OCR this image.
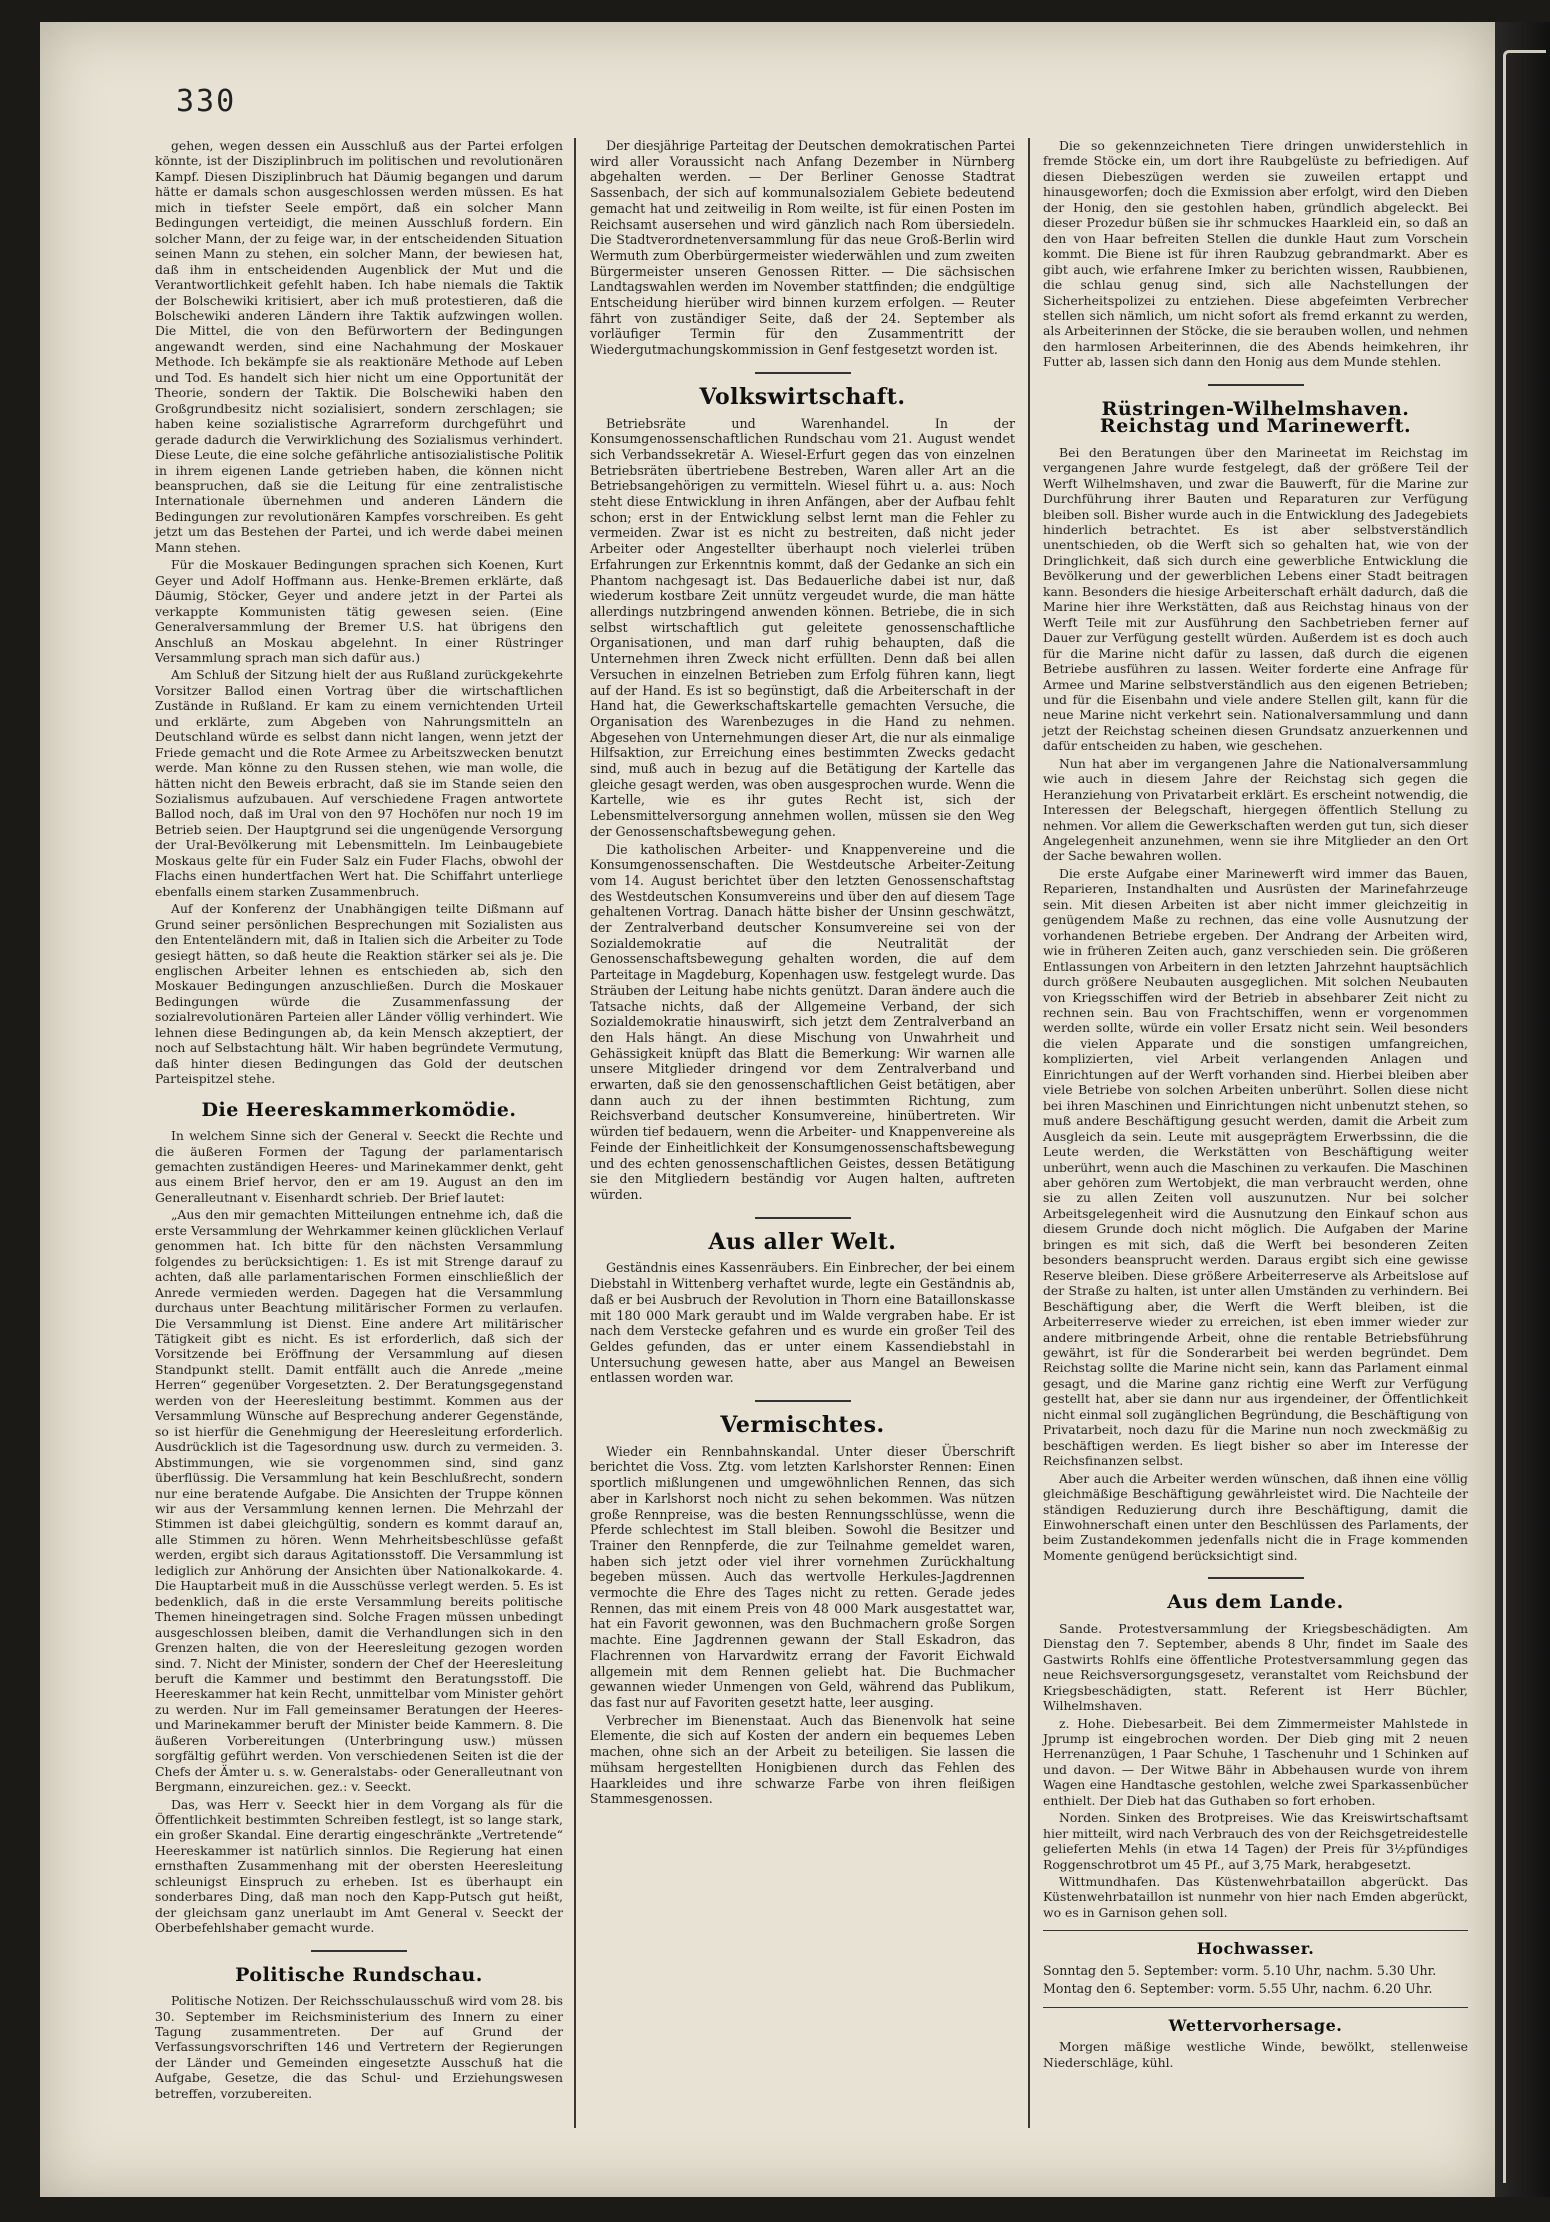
330

gehen, wegen dessen ein Ausschluß aus der Partei erfolgen könnte, ist der Disziplinbruch im politischen und revolutionären Kampf. Diesen Disziplinbruch hat Däumig begangen und darum hätte er damals schon ausgeschlossen werden müssen. Es hat mich in tiefster Seele empört, daß ein solcher Mann Bedingungen verteidigt, die meinen Ausschluß fordern. Ein solcher Mann, der zu feige war, in der entscheidenden Situation seinen Mann zu stehen, ein solcher Mann, der bewiesen hat, daß ihm in entscheidenden Augenblick der Mut und die Verantwortlichkeit gefehlt haben. Ich habe niemals die Taktik der Bolschewiki kritisiert, aber ich muß protestieren, daß die Bolschewiki anderen Ländern ihre Taktik aufzwingen wollen. Die Mittel, die von den Befürwortern der Bedingungen angewandt werden, sind eine Nachahmung der Moskauer Methode. Ich bekämpfe sie als reaktionäre Methode auf Leben und Tod. Es handelt sich hier nicht um eine Opportunität der Theorie, sondern der Taktik. Die Bolschewiki haben den Großgrundbesitz nicht sozialisiert, sondern zerschlagen; sie haben keine sozialistische Agrarreform durchgeführt und gerade dadurch die Verwirklichung des Sozialismus verhindert. Diese Leute, die eine solche gefährliche antisozialistische Politik in ihrem eigenen Lande getrieben haben, die können nicht beanspruchen, daß sie die Leitung für eine zentralistische Internationale übernehmen und anderen Ländern die Bedingungen zur revolutionären Kampfes vorschreiben. Es geht jetzt um das Bestehen der Partei, und ich werde dabei meinen Mann stehen.

Für die Moskauer Bedingungen sprachen sich Koenen, Kurt Geyer und Adolf Hoffmann aus. Henke-Bremen erklärte, daß Däumig, Stöcker, Geyer und andere jetzt in der Partei als verkappte Kommunisten tätig gewesen seien. (Eine Generalversammlung der Bremer U.S. hat übrigens den Anschluß an Moskau abgelehnt. In einer Rüstringer Versammlung sprach man sich dafür aus.)

Am Schluß der Sitzung hielt der aus Rußland zurückgekehrte Vorsitzer Ballod einen Vortrag über die wirtschaftlichen Zustände in Rußland. Er kam zu einem vernichtenden Urteil und erklärte, zum Abgeben von Nahrungsmitteln an Deutschland würde es selbst dann nicht langen, wenn jetzt der Friede gemacht und die Rote Armee zu Arbeitszwecken benutzt werde. Man könne zu den Russen stehen, wie man wolle, die hätten nicht den Beweis erbracht, daß sie im Stande seien den Sozialismus aufzubauen. Auf verschiedene Fragen antwortete Ballod noch, daß im Ural von den 97 Hochöfen nur noch 19 im Betrieb seien. Der Hauptgrund sei die ungenügende Versorgung der Ural-Bevölkerung mit Lebensmitteln. Im Leinbaugebiete Moskaus gelte für ein Fuder Salz ein Fuder Flachs, obwohl der Flachs einen hundertfachen Wert hat. Die Schiffahrt unterliege ebenfalls einem starken Zusammenbruch.

Auf der Konferenz der Unabhängigen teilte Dißmann auf Grund seiner persönlichen Besprechungen mit Sozialisten aus den Ententeländern mit, daß in Italien sich die Arbeiter zu Tode gesiegt hätten, so daß heute die Reaktion stärker sei als je. Die englischen Arbeiter lehnen es entschieden ab, sich den Moskauer Bedingungen anzuschließen. Durch die Moskauer Bedingungen würde die Zusammenfassung der sozialrevolutionären Parteien aller Länder völlig verhindert. Wie lehnen diese Bedingungen ab, da kein Mensch akzeptiert, der noch auf Selbstachtung hält. Wir haben begründete Vermutung, daß hinter diesen Bedingungen das Gold der deutschen Parteispitzel stehe.

Die Heereskammerkomödie.

In welchem Sinne sich der General v. Seeckt die Rechte und die äußeren Formen der Tagung der parlamentarisch gemachten zuständigen Heeres- und Marinekammer denkt, geht aus einem Brief hervor, den er am 19. August an den im Generalleutnant v. Eisenhardt schrieb. Der Brief lautet:

„Aus den mir gemachten Mitteilungen entnehme ich, daß die erste Versammlung der Wehrkammer keinen glücklichen Verlauf genommen hat. Ich bitte für den nächsten Versammlung folgendes zu berücksichtigen: 1. Es ist mit Strenge darauf zu achten, daß alle parlamentarischen Formen einschließlich der Anrede vermieden werden. Dagegen hat die Versammlung durchaus unter Beachtung militärischer Formen zu verlaufen. Die Versammlung ist Dienst. Eine andere Art militärischer Tätigkeit gibt es nicht. Es ist erforderlich, daß sich der Vorsitzende bei Eröffnung der Versammlung auf diesen Standpunkt stellt. Damit entfällt auch die Anrede „meine Herren“ gegenüber Vorgesetzten. 2. Der Beratungsgegenstand werden von der Heeresleitung bestimmt. Kommen aus der Versammlung Wünsche auf Besprechung anderer Gegenstände, so ist hierfür die Genehmigung der Heeresleitung erforderlich. Ausdrücklich ist die Tagesordnung usw. durch zu vermeiden. 3. Abstimmungen, wie sie vorgenommen sind, sind ganz überflüssig. Die Versammlung hat kein Beschlußrecht, sondern nur eine beratende Aufgabe. Die Ansichten der Truppe können wir aus der Versammlung kennen lernen. Die Mehrzahl der Stimmen ist dabei gleichgültig, sondern es kommt darauf an, alle Stimmen zu hören. Wenn Mehrheitsbeschlüsse gefaßt werden, ergibt sich daraus Agitationsstoff. Die Versammlung ist lediglich zur Anhörung der Ansichten über Nationalkokarde. 4. Die Hauptarbeit muß in die Ausschüsse verlegt werden. 5. Es ist bedenklich, daß in die erste Versammlung bereits politische Themen hineingetragen sind. Solche Fragen müssen unbedingt ausgeschlossen bleiben, damit die Verhandlungen sich in den Grenzen halten, die von der Heeresleitung gezogen worden sind. 7. Nicht der Minister, sondern der Chef der Heeresleitung beruft die Kammer und bestimmt den Beratungsstoff. Die Heereskammer hat kein Recht, unmittelbar vom Minister gehört zu werden. Nur im Fall gemeinsamer Beratungen der Heeres- und Marinekammer beruft der Minister beide Kammern. 8. Die äußeren Vorbereitungen (Unterbringung usw.) müssen sorgfältig geführt werden. Von verschiedenen Seiten ist die der Chefs der Ämter u. s. w. Generalstabs- oder Generalleutnant von Bergmann, einzureichen. gez.: v. Seeckt.

Das, was Herr v. Seeckt hier in dem Vorgang als für die Öffentlichkeit bestimmten Schreiben festlegt, ist so lange stark, ein großer Skandal. Eine derartig eingeschränkte „Vertretende“ Heereskammer ist natürlich sinnlos. Die Regierung hat einen ernsthaften Zusammenhang mit der obersten Heeresleitung schleunigst Einspruch zu erheben. Ist es überhaupt ein sonderbares Ding, daß man noch den Kapp-Putsch gut heißt, der gleichsam ganz unerlaubt im Amt General v. Seeckt der Oberbefehlshaber gemacht wurde.

Politische Rundschau.

Politische Notizen. Der Reichsschulausschuß wird vom 28. bis 30. September im Reichsministerium des Innern zu einer Tagung zusammentreten. Der auf Grund der Verfassungsvorschriften 146 und Vertretern der Regierungen der Länder und Gemeinden eingesetzte Ausschuß hat die Aufgabe, Gesetze, die das Schul- und Erziehungswesen betreffen, vorzubereiten.

Der diesjährige Parteitag der Deutschen demokratischen Partei wird aller Voraussicht nach Anfang Dezember in Nürnberg abgehalten werden. — Der Berliner Genosse Stadtrat Sassenbach, der sich auf kommunalsozialem Gebiete bedeutend gemacht hat und zeitweilig in Rom weilte, ist für einen Posten im Reichsamt ausersehen und wird gänzlich nach Rom übersiedeln. Die Stadtverordnetenversammlung für das neue Groß-Berlin wird Wermuth zum Oberbürgermeister wiederwählen und zum zweiten Bürgermeister unseren Genossen Ritter. — Die sächsischen Landtagswahlen werden im November stattfinden; die endgültige Entscheidung hierüber wird binnen kurzem erfolgen. — Reuter fährt von zuständiger Seite, daß der 24. September als vorläufiger Termin für den Zusammentritt der Wiedergutmachungskommission in Genf festgesetzt worden ist.

Volkswirtschaft.

Betriebsräte und Warenhandel. In der Konsumgenossenschaftlichen Rundschau vom 21. August wendet sich Verbandssekretär A. Wiesel-Erfurt gegen das von einzelnen Betriebsräten übertriebene Bestreben, Waren aller Art an die Betriebsangehörigen zu vermitteln. Wiesel führt u. a. aus: Noch steht diese Entwicklung in ihren Anfängen, aber der Aufbau fehlt schon; erst in der Entwicklung selbst lernt man die Fehler zu vermeiden. Zwar ist es nicht zu bestreiten, daß nicht jeder Arbeiter oder Angestellter überhaupt noch vielerlei trüben Erfahrungen zur Erkenntnis kommt, daß der Gedanke an sich ein Phantom nachgesagt ist. Das Bedauerliche dabei ist nur, daß wiederum kostbare Zeit unnütz vergeudet wurde, die man hätte allerdings nutzbringend anwenden können. Betriebe, die in sich selbst wirtschaftlich gut geleitete genossenschaftliche Organisationen, und man darf ruhig behaupten, daß die Unternehmen ihren Zweck nicht erfüllten. Denn daß bei allen Versuchen in einzelnen Betrieben zum Erfolg führen kann, liegt auf der Hand. Es ist so begünstigt, daß die Arbeiterschaft in der Hand hat, die Gewerkschaftskartelle gemachten Versuche, die Organisation des Warenbezuges in die Hand zu nehmen. Abgesehen von Unternehmungen dieser Art, die nur als einmalige Hilfsaktion, zur Erreichung eines bestimmten Zwecks gedacht sind, muß auch in bezug auf die Betätigung der Kartelle das gleiche gesagt werden, was oben ausgesprochen wurde. Wenn die Kartelle, wie es ihr gutes Recht ist, sich der Lebensmittelversorgung annehmen wollen, müssen sie den Weg der Genossenschaftsbewegung gehen.

Die katholischen Arbeiter- und Knappenvereine und die Konsumgenossenschaften. Die Westdeutsche Arbeiter-Zeitung vom 14. August berichtet über den letzten Genossenschaftstag des Westdeutschen Konsumvereins und über den auf diesem Tage gehaltenen Vortrag. Danach hätte bisher der Unsinn geschwätzt, der Zentralverband deutscher Konsumvereine sei von der Sozialdemokratie auf die Neutralität der Genossenschaftsbewegung gehalten worden, die auf dem Parteitage in Magdeburg, Kopenhagen usw. festgelegt wurde. Das Sträuben der Leitung habe nichts genützt. Daran ändere auch die Tatsache nichts, daß der Allgemeine Verband, der sich Sozialdemokratie hinauswirft, sich jetzt dem Zentralverband an den Hals hängt. An diese Mischung von Unwahrheit und Gehässigkeit knüpft das Blatt die Bemerkung: Wir warnen alle unsere Mitglieder dringend vor dem Zentralverband und erwarten, daß sie den genossenschaftlichen Geist betätigen, aber dann auch zu der ihnen bestimmten Richtung, zum Reichsverband deutscher Konsumvereine, hinübertreten. Wir würden tief bedauern, wenn die Arbeiter- und Knappenvereine als Feinde der Einheitlichkeit der Konsumgenossenschaftsbewegung und des echten genossenschaftlichen Geistes, dessen Betätigung sie den Mitgliedern beständig vor Augen halten, auftreten würden.

Aus aller Welt.

Geständnis eines Kassenräubers. Ein Einbrecher, der bei einem Diebstahl in Wittenberg verhaftet wurde, legte ein Geständnis ab, daß er bei Ausbruch der Revolution in Thorn eine Bataillonskasse mit 180 000 Mark geraubt und im Walde vergraben habe. Er ist nach dem Verstecke gefahren und es wurde ein großer Teil des Geldes gefunden, das er unter einem Kassendiebstahl in Untersuchung gewesen hatte, aber aus Mangel an Beweisen entlassen worden war.

Vermischtes.

Wieder ein Rennbahnskandal. Unter dieser Überschrift berichtet die Voss. Ztg. vom letzten Karlshorster Rennen: Einen sportlich mißlungenen und umgewöhnlichen Rennen, das sich aber in Karlshorst noch nicht zu sehen bekommen. Was nützen große Rennpreise, was die besten Rennungsschlüsse, wenn die Pferde schlechtest im Stall bleiben. Sowohl die Besitzer und Trainer den Rennpferde, die zur Teilnahme gemeldet waren, haben sich jetzt oder viel ihrer vornehmen Zurückhaltung begeben müssen. Auch das wertvolle Herkules-Jagdrennen vermochte die Ehre des Tages nicht zu retten. Gerade jedes Rennen, das mit einem Preis von 48 000 Mark ausgestattet war, hat ein Favorit gewonnen, was den Buchmachern große Sorgen machte. Eine Jagdrennen gewann der Stall Eskadron, das Flachrennen von Harvardwitz errang der Favorit Eichwald allgemein mit dem Rennen geliebt hat. Die Buchmacher gewannen wieder Unmengen von Geld, während das Publikum, das fast nur auf Favoriten gesetzt hatte, leer ausging.

Verbrecher im Bienenstaat. Auch das Bienenvolk hat seine Elemente, die sich auf Kosten der andern ein bequemes Leben machen, ohne sich an der Arbeit zu beteiligen. Sie lassen die mühsam hergestellten Honigbienen durch das Fehlen des Haarkleides und ihre schwarze Farbe von ihren fleißigen Stammesgenossen.

Die so gekennzeichneten Tiere dringen unwiderstehlich in fremde Stöcke ein, um dort ihre Raubgelüste zu befriedigen. Auf diesen Diebeszügen werden sie zuweilen ertappt und hinausgeworfen; doch die Exmission aber erfolgt, wird den Dieben der Honig, den sie gestohlen haben, gründlich abgeleckt. Bei dieser Prozedur büßen sie ihr schmuckes Haarkleid ein, so daß an den von Haar befreiten Stellen die dunkle Haut zum Vorschein kommt. Die Biene ist für ihren Raubzug gebrandmarkt. Aber es gibt auch, wie erfahrene Imker zu berichten wissen, Raubbienen, die schlau genug sind, sich alle Nachstellungen der Sicherheitspolizei zu entziehen. Diese abgefeimten Verbrecher stellen sich nämlich, um nicht sofort als fremd erkannt zu werden, als Arbeiterinnen der Stöcke, die sie berauben wollen, und nehmen den harmlosen Arbeiterinnen, die des Abends heimkehren, ihr Futter ab, lassen sich dann den Honig aus dem Munde stehlen.

Rüstringen-Wilhelmshaven.
Reichstag und Marinewerft.

Bei den Beratungen über den Marineetat im Reichstag im vergangenen Jahre wurde festgelegt, daß der größere Teil der Werft Wilhelmshaven, und zwar die Bauwerft, für die Marine zur Durchführung ihrer Bauten und Reparaturen zur Verfügung bleiben soll. Bisher wurde auch in die Entwicklung des Jadegebiets hinderlich betrachtet. Es ist aber selbstverständlich unentschieden, ob die Werft sich so gehalten hat, wie von der Dringlichkeit, daß sich durch eine gewerbliche Entwicklung die Bevölkerung und der gewerblichen Lebens einer Stadt beitragen kann. Besonders die hiesige Arbeiterschaft erhält dadurch, daß die Marine hier ihre Werkstätten, daß aus Reichstag hinaus von der Werft Teile mit zur Ausführung den Sachbetrieben ferner auf Dauer zur Verfügung gestellt würden. Außerdem ist es doch auch für die Marine nicht dafür zu lassen, daß durch die eigenen Betriebe ausführen zu lassen. Weiter forderte eine Anfrage für Armee und Marine selbstverständlich aus den eigenen Betrieben; und für die Eisenbahn und viele andere Stellen gilt, kann für die neue Marine nicht verkehrt sein. Nationalversammlung und dann jetzt der Reichstag scheinen diesen Grundsatz anzuerkennen und dafür entscheiden zu haben, wie geschehen.

Nun hat aber im vergangenen Jahre die Nationalversammlung wie auch in diesem Jahre der Reichstag sich gegen die Heranziehung von Privatarbeit erklärt. Es erscheint notwendig, die Interessen der Belegschaft, hiergegen öffentlich Stellung zu nehmen. Vor allem die Gewerkschaften werden gut tun, sich dieser Angelegenheit anzunehmen, wenn sie ihre Mitglieder an den Ort der Sache bewahren wollen.

Die erste Aufgabe einer Marinewerft wird immer das Bauen, Reparieren, Instandhalten und Ausrüsten der Marinefahrzeuge sein. Mit diesen Arbeiten ist aber nicht immer gleichzeitig in genügendem Maße zu rechnen, das eine volle Ausnutzung der vorhandenen Betriebe ergeben. Der Andrang der Arbeiten wird, wie in früheren Zeiten auch, ganz verschieden sein. Die größeren Entlassungen von Arbeitern in den letzten Jahrzehnt hauptsächlich durch größere Neubauten ausgeglichen. Mit solchen Neubauten von Kriegsschiffen wird der Betrieb in absehbarer Zeit nicht zu rechnen sein. Bau von Frachtschiffen, wenn er vorgenommen werden sollte, würde ein voller Ersatz nicht sein. Weil besonders die vielen Apparate und die sonstigen umfangreichen, komplizierten, viel Arbeit verlangenden Anlagen und Einrichtungen auf der Werft vorhanden sind. Hierbei bleiben aber viele Betriebe von solchen Arbeiten unberührt. Sollen diese nicht bei ihren Maschinen und Einrichtungen nicht unbenutzt stehen, so muß andere Beschäftigung gesucht werden, damit die Arbeit zum Ausgleich da sein. Leute mit ausgeprägtem Erwerbssinn, die die Leute werden, die Werkstätten von Beschäftigung weiter unberührt, wenn auch die Maschinen zu verkaufen. Die Maschinen aber gehören zum Wertobjekt, die man verbraucht werden, ohne sie zu allen Zeiten voll auszunutzen. Nur bei solcher Arbeitsgelegenheit wird die Ausnutzung den Einkauf schon aus diesem Grunde doch nicht möglich. Die Aufgaben der Marine bringen es mit sich, daß die Werft bei besonderen Zeiten besonders beansprucht werden. Daraus ergibt sich eine gewisse Reserve bleiben. Diese größere Arbeiterreserve als Arbeitslose auf der Straße zu halten, ist unter allen Umständen zu verhindern. Bei Beschäftigung aber, die Werft die Werft bleiben, ist die Arbeiterreserve wieder zu erreichen, ist eben immer wieder zur andere mitbringende Arbeit, ohne die rentable Betriebsführung gewährt, ist für die Sonderarbeit bei werden begründet. Dem Reichstag sollte die Marine nicht sein, kann das Parlament einmal gesagt, und die Marine ganz richtig eine Werft zur Verfügung gestellt hat, aber sie dann nur aus irgendeiner, der Öffentlichkeit nicht einmal soll zugänglichen Begründung, die Beschäftigung von Privatarbeit, noch dazu für die Marine nun noch zweckmäßig zu beschäftigen werden. Es liegt bisher so aber im Interesse der Reichsfinanzen selbst.

Aber auch die Arbeiter werden wünschen, daß ihnen eine völlig gleichmäßige Beschäftigung gewährleistet wird. Die Nachteile der ständigen Reduzierung durch ihre Beschäftigung, damit die Einwohnerschaft einen unter den Beschlüssen des Parlaments, der beim Zustandekommen jedenfalls nicht die in Frage kommenden Momente genügend berücksichtigt sind.

Aus dem Lande.

Sande. Protestversammlung der Kriegsbeschädigten. Am Dienstag den 7. September, abends 8 Uhr, findet im Saale des Gastwirts Rohlfs eine öffentliche Protestversammlung gegen das neue Reichsversorgungsgesetz, veranstaltet vom Reichsbund der Kriegsbeschädigten, statt. Referent ist Herr Büchler, Wilhelmshaven.

z. Hohe. Diebesarbeit. Bei dem Zimmermeister Mahlstede in Jprump ist eingebrochen worden. Der Dieb ging mit 2 neuen Herrenanzügen, 1 Paar Schuhe, 1 Taschenuhr und 1 Schinken auf und davon. — Der Witwe Bähr in Abbehausen wurde von ihrem Wagen eine Handtasche gestohlen, welche zwei Sparkassenbücher enthielt. Der Dieb hat das Guthaben so fort erhoben.

Norden. Sinken des Brotpreises. Wie das Kreiswirtschaftsamt hier mitteilt, wird nach Verbrauch des von der Reichsgetreidestelle gelieferten Mehls (in etwa 14 Tagen) der Preis für 3½pfündiges Roggenschrotbrot um 45 Pf., auf 3,75 Mark, herabgesetzt.

Wittmundhafen. Das Küstenwehrbataillon abgerückt. Das Küstenwehrbataillon ist nunmehr von hier nach Emden abgerückt, wo es in Garnison gehen soll.

Hochwasser.
Sonntag den 5. September: vorm. 5.10 Uhr, nachm. 5.30 Uhr.
Montag den 6. September: vorm. 5.55 Uhr, nachm. 6.20 Uhr.
Wettervorhersage.

Morgen mäßige westliche Winde, bewölkt, stellenweise Niederschläge, kühl.
